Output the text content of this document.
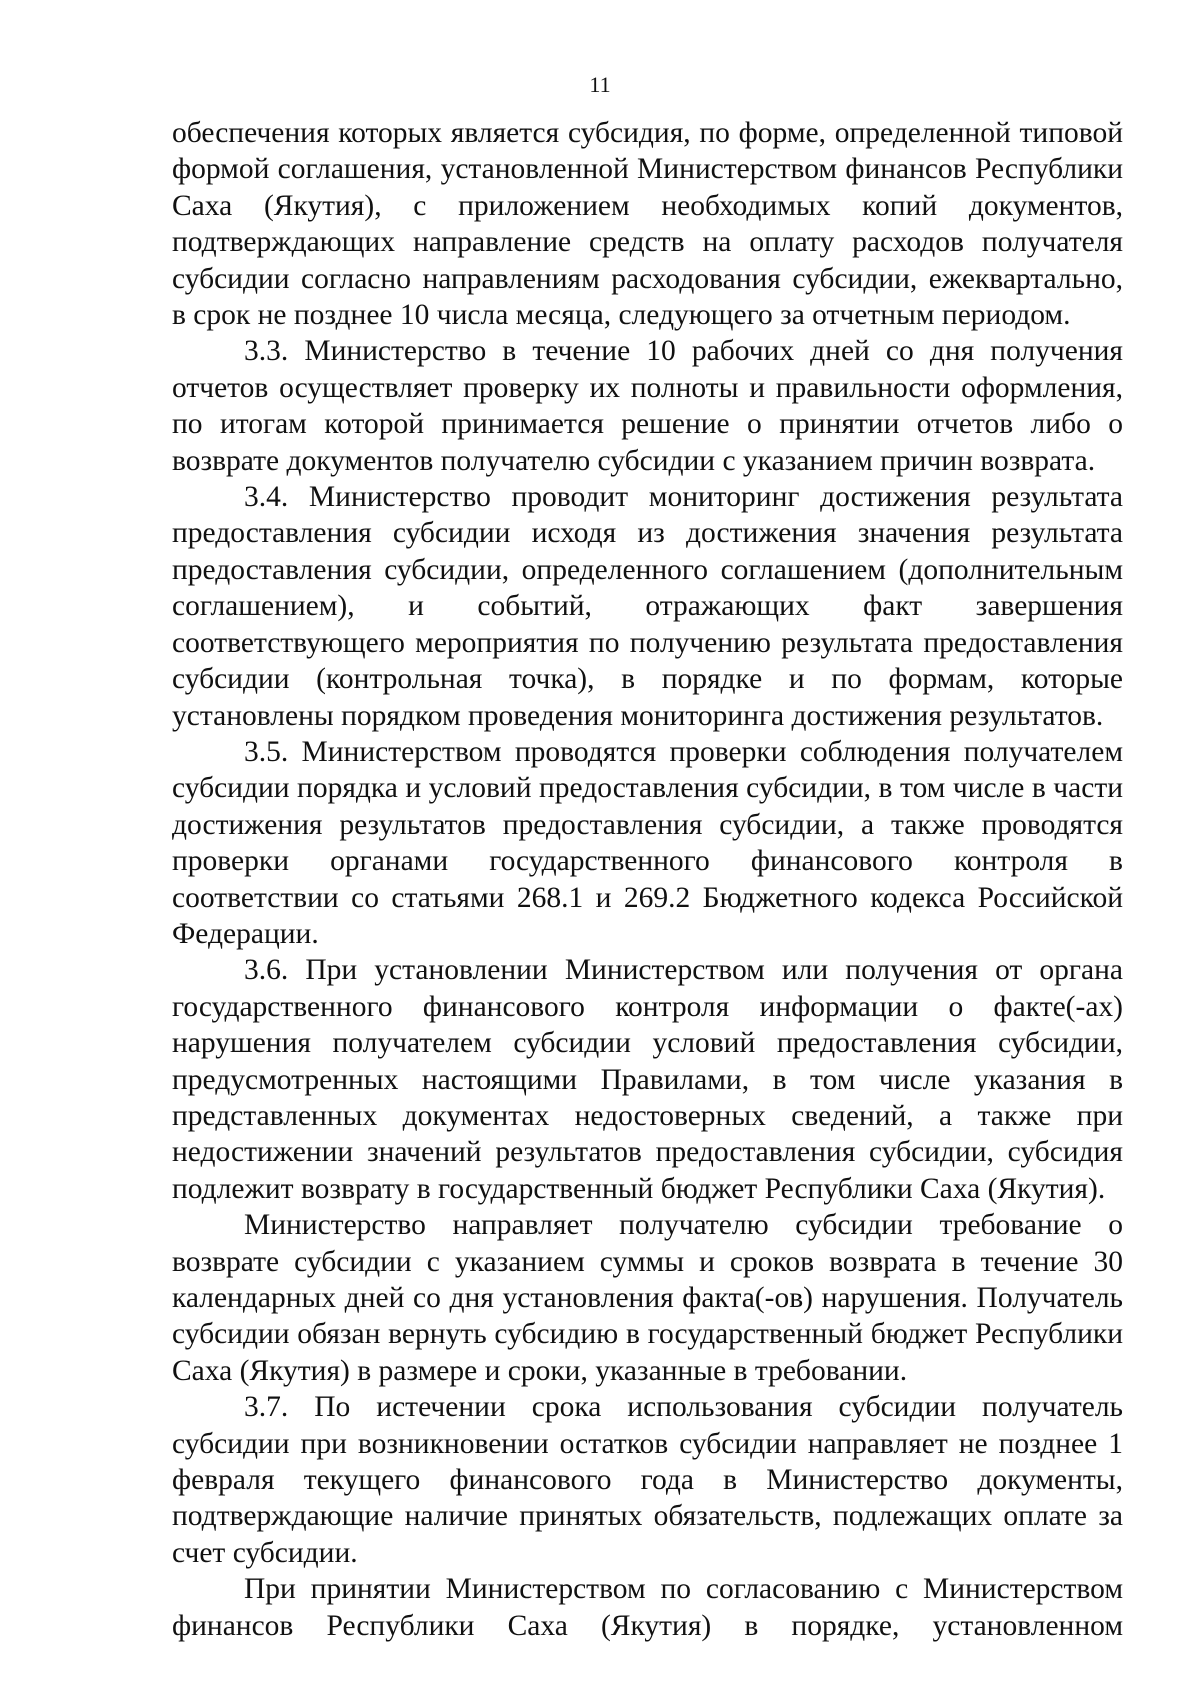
11

обеспечения которых является субсидия, по форме, определенной типовой формой соглашения, установленной Министерством финансов Республики Саха (Якутия), с приложением необходимых копий документов, подтверждающих направление средств на оплату расходов получателя субсидии согласно направлениям расходования субсидии, ежеквартально, в срок не позднее 10 числа месяца, следующего за отчетным периодом.

3.3. Министерство в течение 10 рабочих дней со дня получения отчетов осуществляет проверку их полноты и правильности оформления, по итогам которой принимается решение о принятии отчетов либо о возврате документов получателю субсидии с указанием причин возврата.

3.4. Министерство проводит мониторинг достижения результата предоставления субсидии исходя из достижения значения результата предоставления субсидии, определенного соглашением (дополнительным соглашением), и событий, отражающих факт завершения соответствующего мероприятия по получению результата предоставления субсидии (контрольная точка), в порядке и по формам, которые установлены порядком проведения мониторинга достижения результатов.

3.5. Министерством проводятся проверки соблюдения получателем субсидии порядка и условий предоставления субсидии, в том числе в части достижения результатов предоставления субсидии, а также проводятся проверки органами государственного финансового контроля в соответствии со статьями 268.1 и 269.2 Бюджетного кодекса Российской Федерации.

3.6. При установлении Министерством или получения от органа государственного финансового контроля информации о факте(-ах) нарушения получателем субсидии условий предоставления субсидии, предусмотренных настоящими Правилами, в том числе указания в представленных документах недостоверных сведений, а также при недостижении значений результатов предоставления субсидии, субсидия подлежит возврату в государственный бюджет Республики Саха (Якутия).

Министерство направляет получателю субсидии требование о возврате субсидии с указанием суммы и сроков возврата в течение 30 календарных дней со дня установления факта(-ов) нарушения. Получатель субсидии обязан вернуть субсидию в государственный бюджет Республики Саха (Якутия) в размере и сроки, указанные в требовании.

3.7. По истечении срока использования субсидии получатель субсидии при возникновении остатков субсидии направляет не позднее 1 февраля текущего финансового года в Министерство документы, подтверждающие наличие принятых обязательств, подлежащих оплате за счет субсидии.

При принятии Министерством по согласованию с Министерством финансов Республики Саха (Якутия) в порядке, установленном
